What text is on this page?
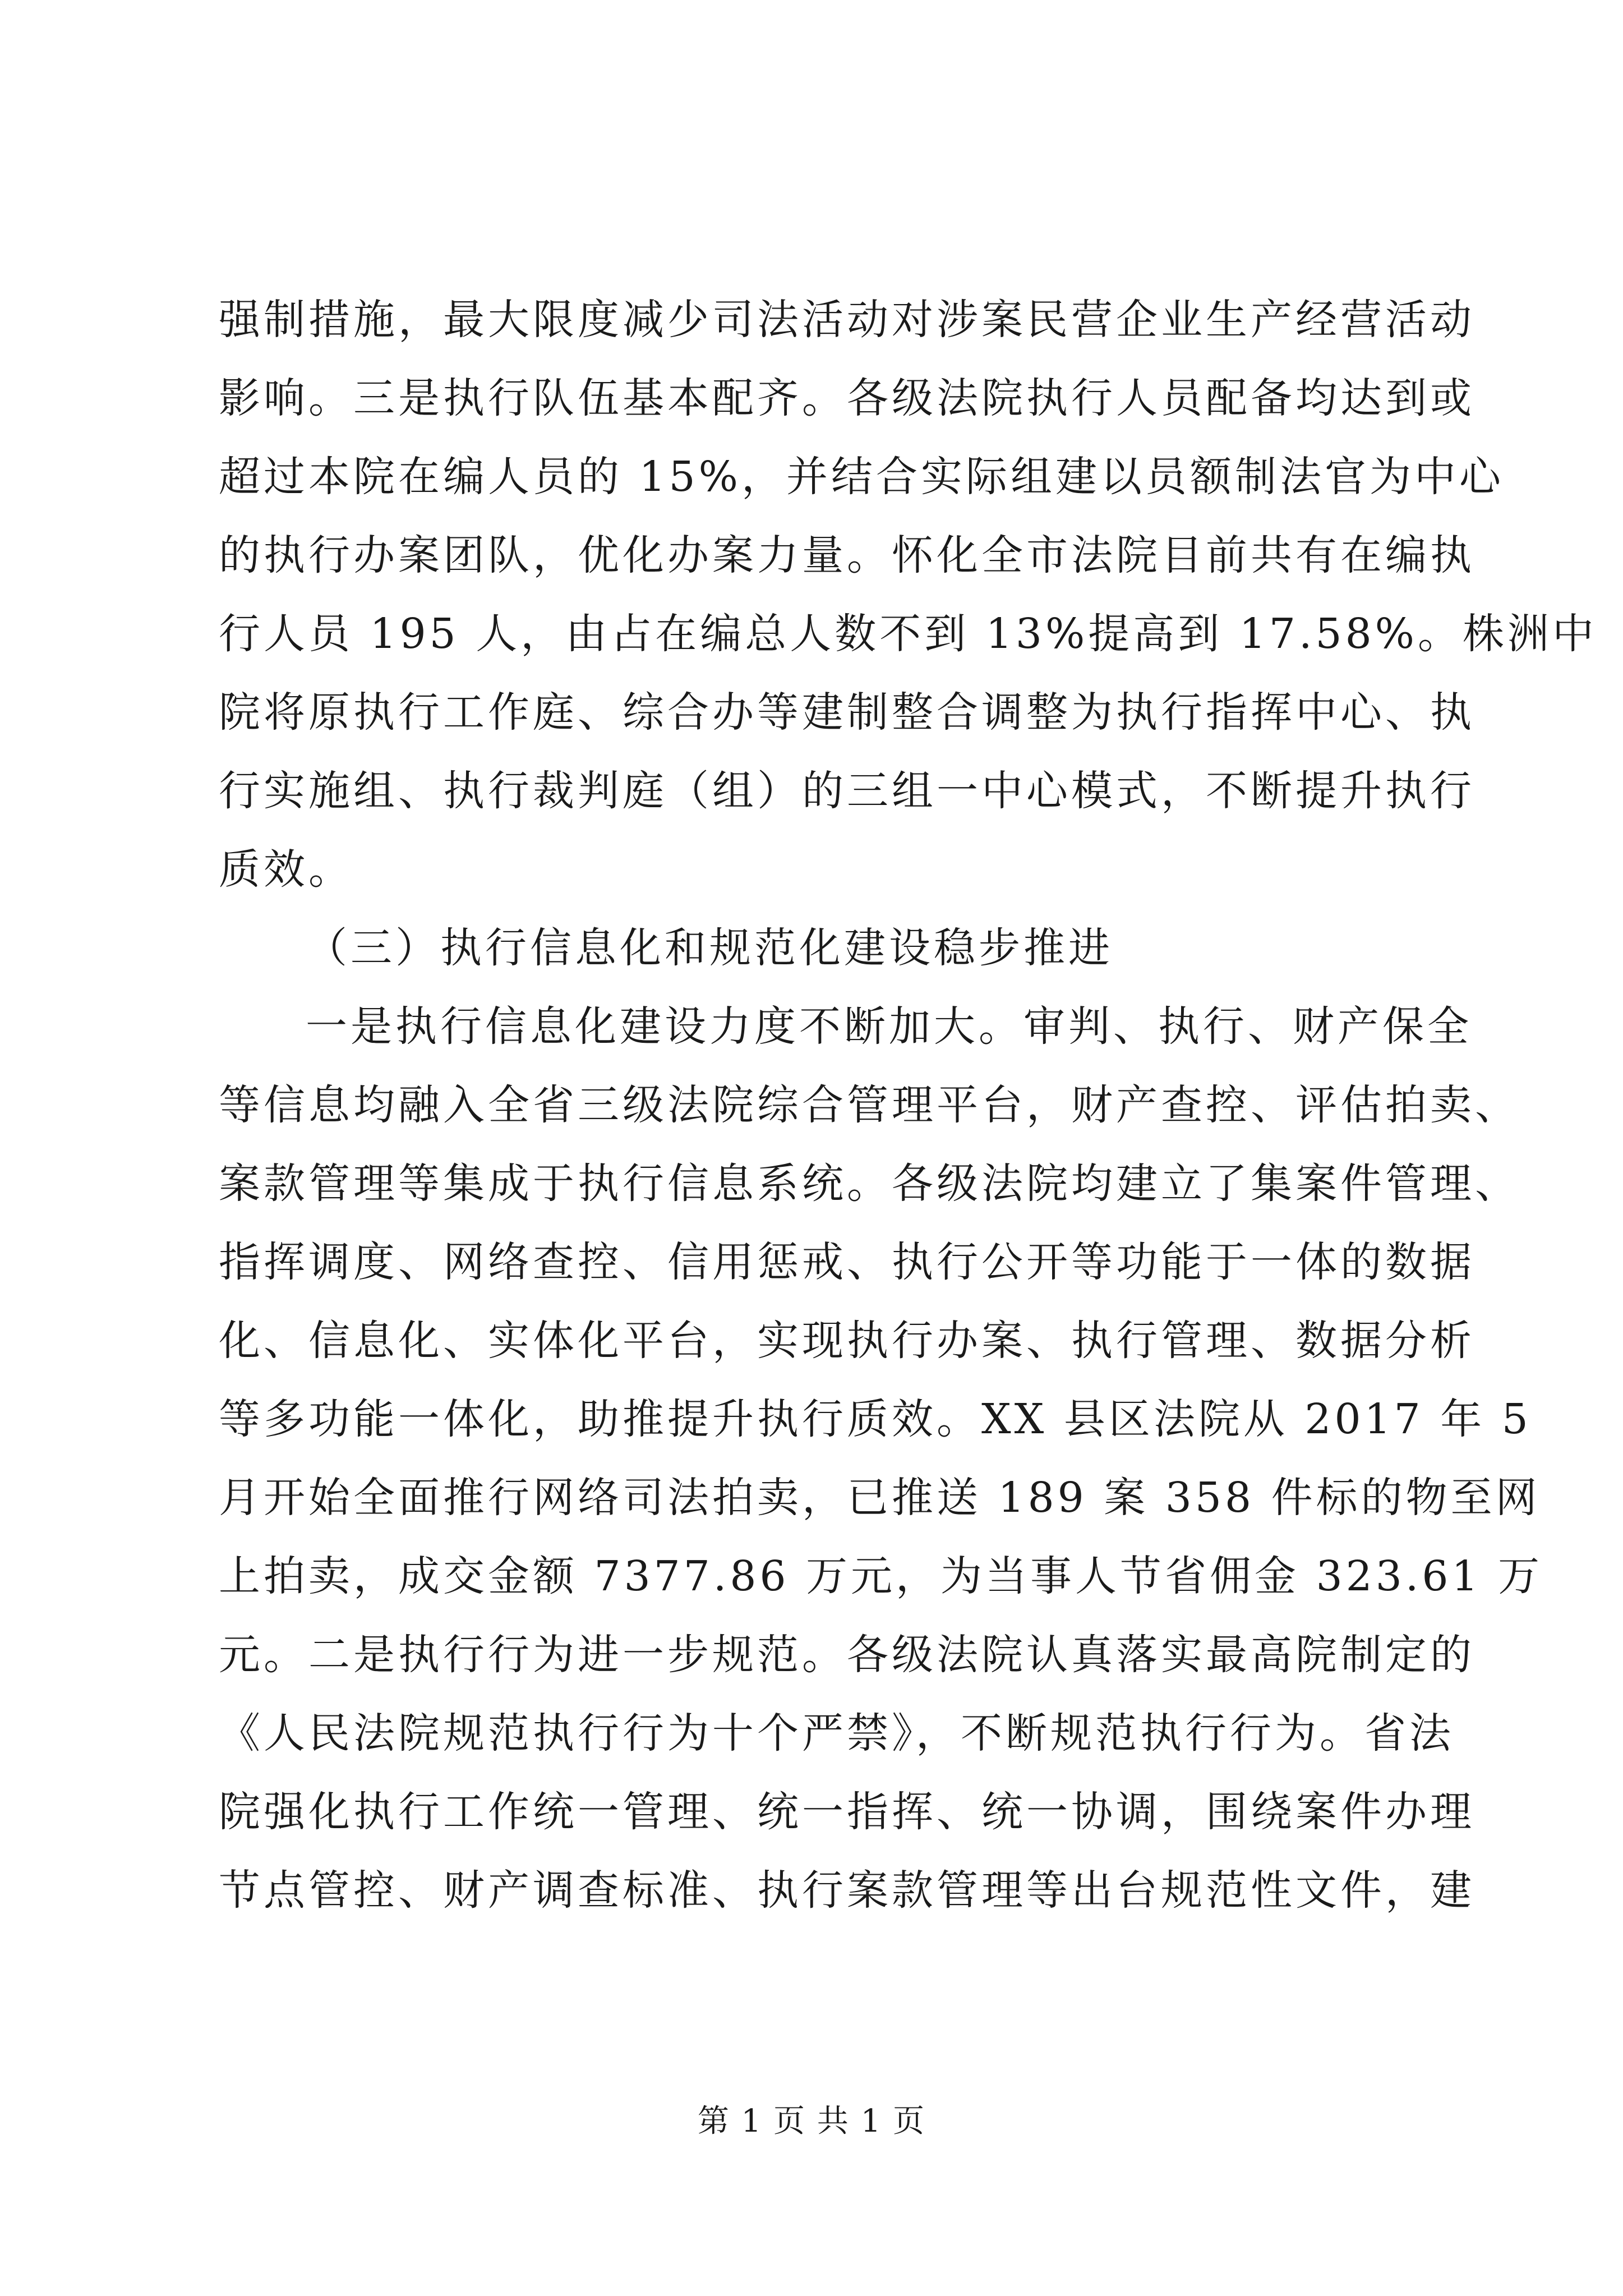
强制措施，最大限度减少司法活动对涉案民营企业生产经营活动
影响。三是执行队伍基本配齐。各级法院执行人员配备均达到或
超过本院在编人员的 15%，并结合实际组建以员额制法官为中心
的执行办案团队，优化办案力量。怀化全市法院目前共有在编执
行人员 195 人，由占在编总人数不到 13%提高到 17.58%。株洲中
院将原执行工作庭、综合办等建制整合调整为执行指挥中心、执
行实施组、执行裁判庭（组）的三组一中心模式，不断提升执行
质效。
（三）执行信息化和规范化建设稳步推进
一是执行信息化建设力度不断加大。审判、执行、财产保全
等信息均融入全省三级法院综合管理平台，财产查控、评估拍卖、
案款管理等集成于执行信息系统。各级法院均建立了集案件管理、
指挥调度、网络查控、信用惩戒、执行公开等功能于一体的数据
化、信息化、实体化平台，实现执行办案、执行管理、数据分析
等多功能一体化，助推提升执行质效。XX 县区法院从 2017 年 5
月开始全面推行网络司法拍卖，已推送 189 案 358 件标的物至网
上拍卖，成交金额 7377.86 万元，为当事人节省佣金 323.61 万
元。二是执行行为进一步规范。各级法院认真落实最高院制定的
《人民法院规范执行行为十个严禁》，不断规范执行行为。省法
院强化执行工作统一管理、统一指挥、统一协调，围绕案件办理
节点管控、财产调查标准、执行案款管理等出台规范性文件，建
第 1 页 共 1 页
